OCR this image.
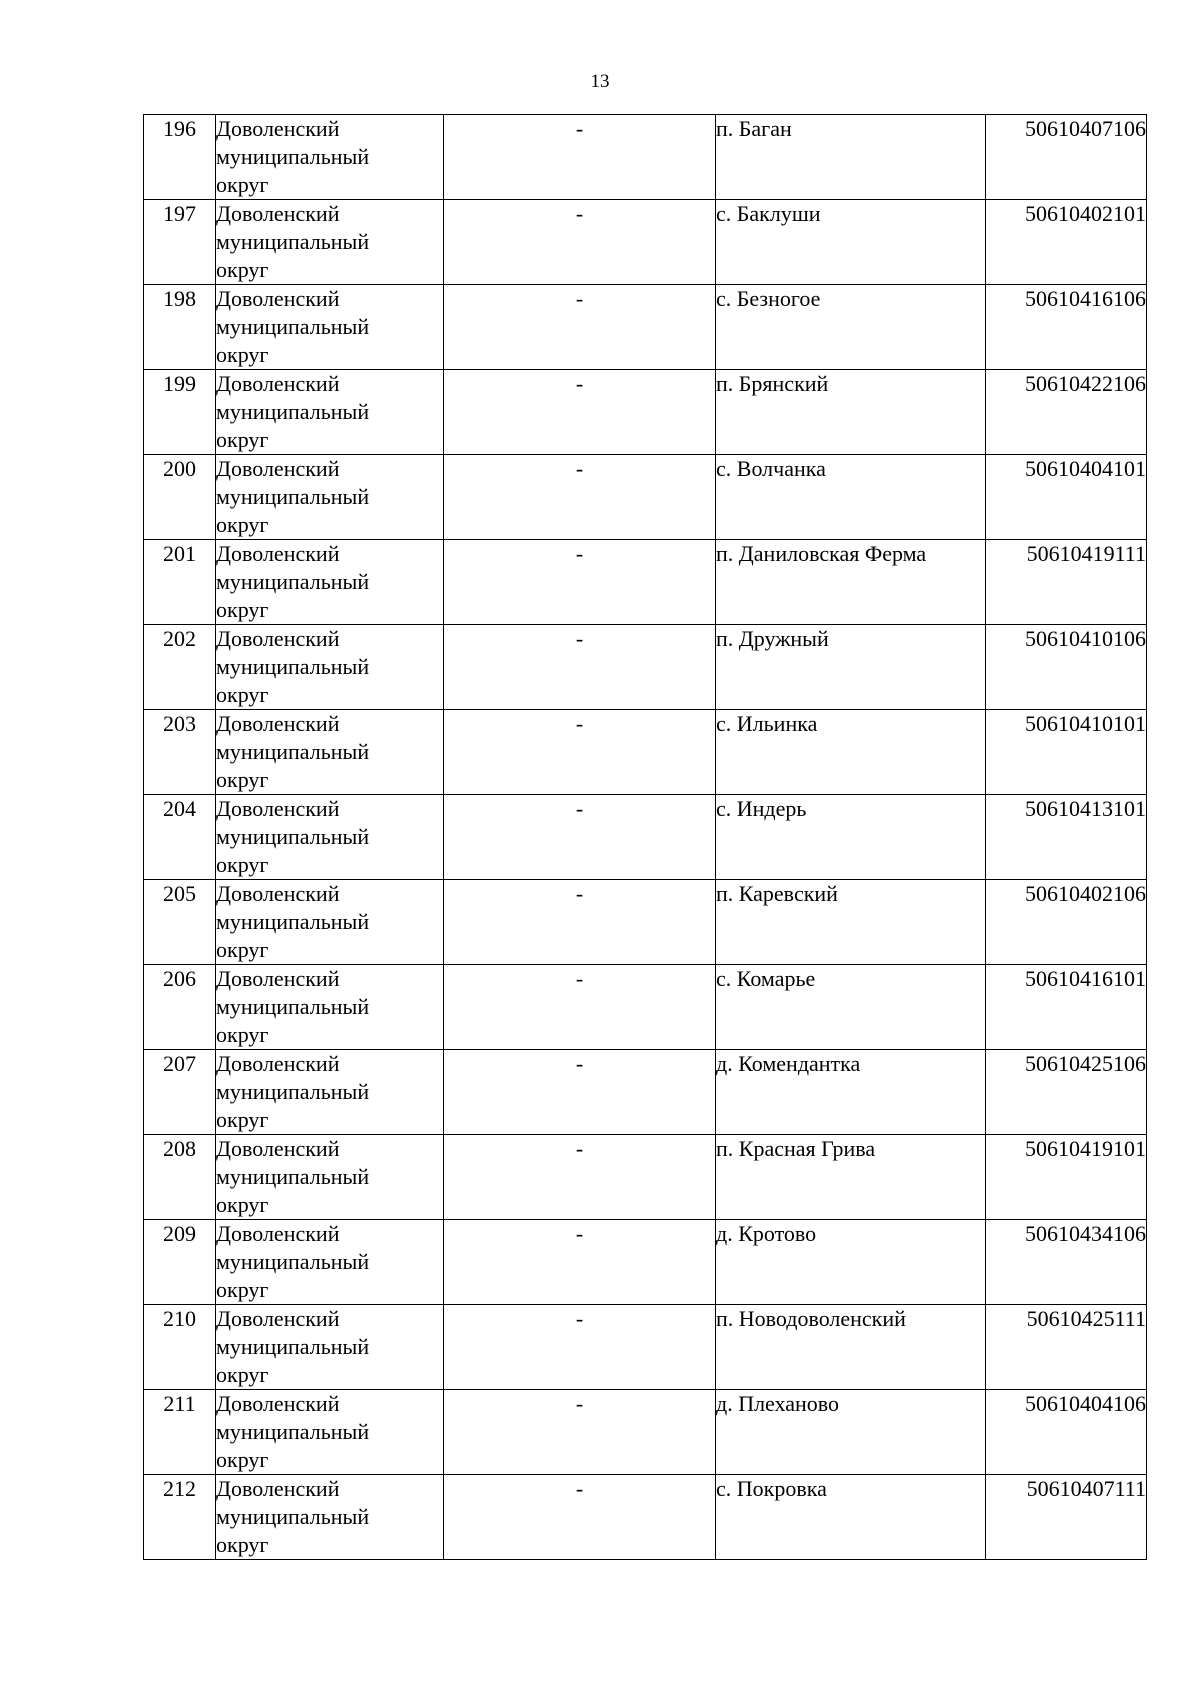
13
196	Доволенский
муниципальный
округ	-	п. Баган	50610407106
197	Доволенский
муниципальный
округ	-	с. Баклуши	50610402101
198	Доволенский
муниципальный
округ	-	с. Безногое	50610416106
199	Доволенский
муниципальный
округ	-	п. Брянский	50610422106
200	Доволенский
муниципальный
округ	-	с. Волчанка	50610404101
201	Доволенский
муниципальный
округ	-	п. Даниловская Ферма	50610419111
202	Доволенский
муниципальный
округ	-	п. Дружный	50610410106
203	Доволенский
муниципальный
округ	-	с. Ильинка	50610410101
204	Доволенский
муниципальный
округ	-	с. Индерь	50610413101
205	Доволенский
муниципальный
округ	-	п. Каревский	50610402106
206	Доволенский
муниципальный
округ	-	с. Комарье	50610416101
207	Доволенский
муниципальный
округ	-	д. Комендантка	50610425106
208	Доволенский
муниципальный
округ	-	п. Красная Грива	50610419101
209	Доволенский
муниципальный
округ	-	д. Кротово	50610434106
210	Доволенский
муниципальный
округ	-	п. Новодоволенский	50610425111
211	Доволенский
муниципальный
округ	-	д. Плеханово	50610404106
212	Доволенский
муниципальный
округ	-	с. Покровка	50610407111
